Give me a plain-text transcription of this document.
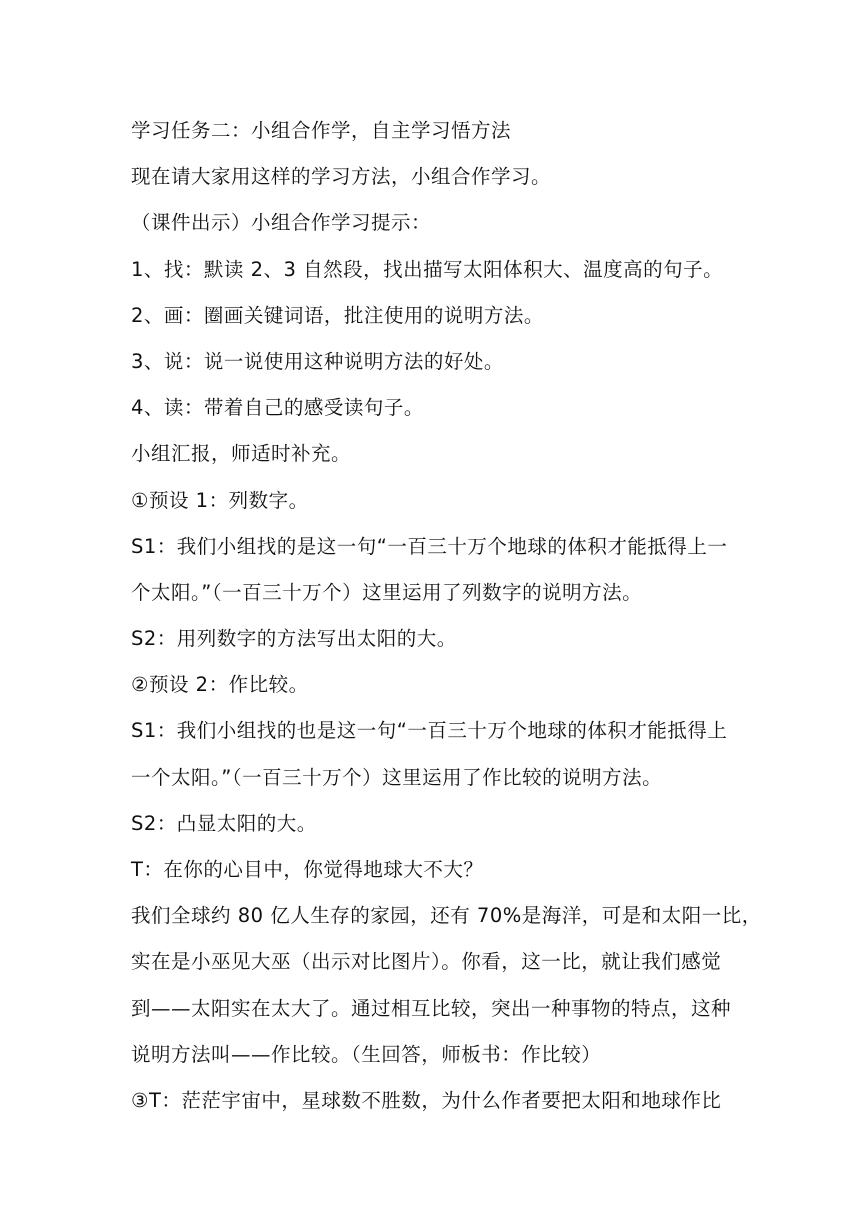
学习任务二：小组合作学，自主学习悟方法
现在请大家用这样的学习方法，小组合作学习。
（课件出示）小组合作学习提示：
1、找：默读 2、3 自然段，找出描写太阳体积大、温度高的句子。
2、画：圈画关键词语，批注使用的说明方法。
3、说：说一说使用这种说明方法的好处。
4、读：带着自己的感受读句子。
小组汇报，师适时补充。
①预设 1：列数字。
S1：我们小组找的是这一句“一百三十万个地球的体积才能抵得上一
个太阳。”（一百三十万个）这里运用了列数字的说明方法。
S2：用列数字的方法写出太阳的大。
②预设 2：作比较。
S1：我们小组找的也是这一句“一百三十万个地球的体积才能抵得上
一个太阳。”（一百三十万个）这里运用了作比较的说明方法。
S2：凸显太阳的大。
T：在你的心目中，你觉得地球大不大？
我们全球约 80 亿人生存的家园，还有 70%是海洋，可是和太阳一比，
实在是小巫见大巫（出示对比图片）。你看，这一比，就让我们感觉
到——太阳实在太大了。通过相互比较，突出一种事物的特点，这种
说明方法叫——作比较。（生回答，师板书：作比较）
③T：茫茫宇宙中，星球数不胜数，为什么作者要把太阳和地球作比
